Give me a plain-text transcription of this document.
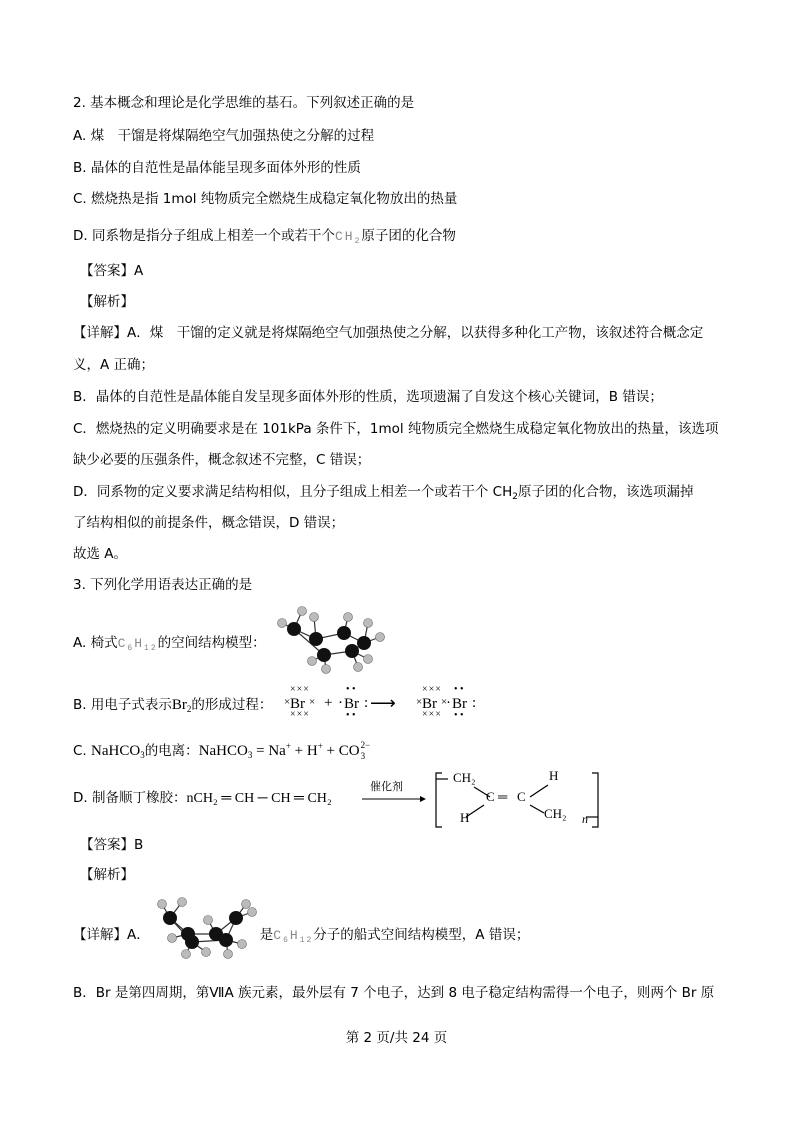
2. 基本概念和理论是化学思维的基石。下列叙述正确的是
A. 煤　干馏是将煤隔绝空气加强热使之分解的过程
B. 晶体的自范性是晶体能呈现多面体外形的性质
C. 燃烧热是指 1mol 纯物质完全燃烧生成稳定氧化物放出的热量
D. 同系物是指分子组成上相差一个或若干个$CH_2$原子团的化合物
【答案】A
【解析】
【详解】A．煤　干馏的定义就是将煤隔绝空气加强热使之分解，以获得多种化工产物，该叙述符合概念定
义，A 正确；
B．晶体的自范性是晶体能自发呈现多面体外形的性质，选项遗漏了自发这个核心关键词，B 错误；
C．燃烧热的定义明确要求是在 101kPa 条件下，1mol 纯物质完全燃烧生成稳定氧化物放出的热量，该选项
缺少必要的压强条件，概念叙述不完整，C 错误；
D．同系物的定义要求满足结构相似，且分子组成上相差一个或若干个 $CH_2$原子团的化合物，该选项漏掉
了结构相似的前提条件，概念错误，D 错误；
故选 A。
3. 下列化学用语表达正确的是
A. 椅式$C_6H_{12}$的空间结构模型：
B. 用电子式表示$Br_2$的形成过程： Br
×
×××
×××
× + · Br
• •
• •
: ⟶ × Br
×××
×××
×
· Br
• •
• •
:
C. NaHCO$_3$的电离：NaHCO$_3$ = Na+ + H+ + CO 2−
3
D. 制备顺丁橡胶：nCH₂ ═ CH ─ CH ═ CH₂
催化剂
CH₂	H
C ═ C
H	CH₂ n
【答案】B
【解析】
【详解】A．	是$C_6H_{12}$分子的船式空间结构模型，A 错误；
B．Br 是第四周期，第ⅦA 族元素，最外层有 7 个电子，达到 8 电子稳定结构需得一个电子，则两个 Br 原
第 2 页/共 24 页
